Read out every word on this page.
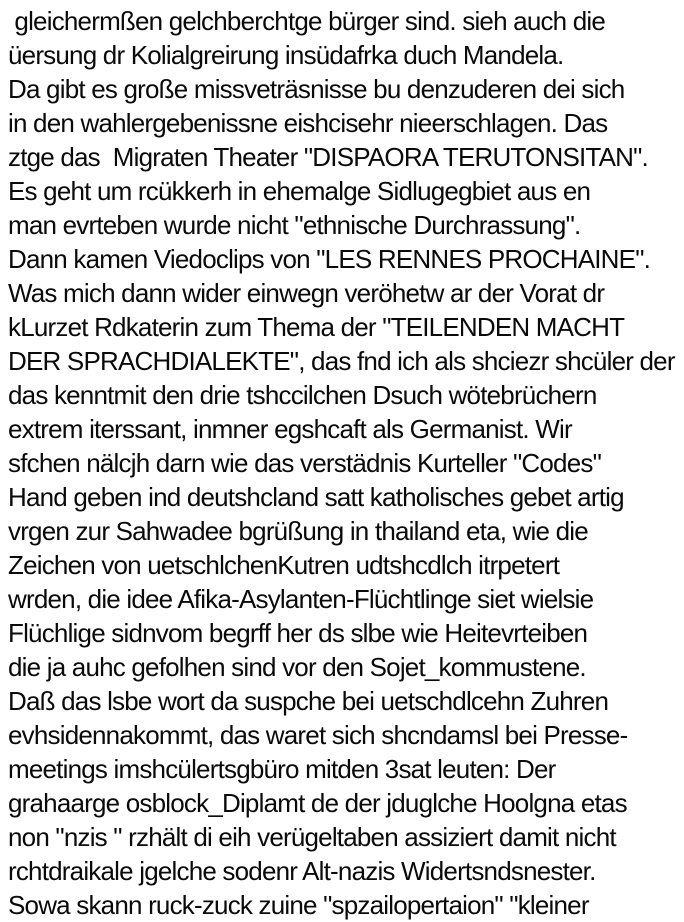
gleichermßen gelchberchtge bürger sind. sieh auch die
üersung dr Kolialgreirung insüdafrka duch Mandela.
Da gibt es große missveträsnisse bu denzuderen dei sich
in den wahlergebenissne eishcisehr nieerschlagen. Das
ztge das  Migraten Theater "DISPAORA TERUTONSITAN".
Es geht um rcükkerh in ehemalge Sidlugegbiet aus en
man evrteben wurde nicht "ethnische Durchrassung".
Dann kamen Viedoclips von "LES RENNES PROCHAINE".
Was mich dann wider einwegn veröhetw ar der Vorat dr
kLurzet Rdkaterin zum Thema der "TEILENDEN MACHT
DER SPRACHDIALEKTE", das fnd ich als shciezr shcüler der
das kenntmit den drie tshccilchen Dsuch wötebrüchern
extrem iterssant, inmner egshcaft als Germanist. Wir
sfchen nälcjh darn wie das verstädnis Kurteller "Codes"
Hand geben ind deutshcland satt katholisches gebet artig
vrgen zur Sahwadee bgrüßung in thailand eta, wie die
Zeichen von uetschlchenKutren udtshcdlch itrpetert
wrden, die idee Afika-Asylanten-Flüchtlinge siet wielsie
Flüchlige sidnvom begrff her ds slbe wie Heitevrteiben
die ja auhc gefolhen sind vor den Sojet_kommustene.
Daß das lsbe wort da suspche bei uetschdlcehn Zuhren
evhsidennakommt, das waret sich shcndamsl bei Presse-
meetings imshcülertsgbüro mitden 3sat leuten: Der
grahaarge osblock_Diplamt de der jduglche Hoolgna etas
non "nzis " rzhält di eih verügeltaben assiziert damit nicht
rchtdraikale jgelche sodenr Alt-nazis Widertsndsnester.
Sowa skann ruck-zuck zuine "spzailopertaion" "kleiner
